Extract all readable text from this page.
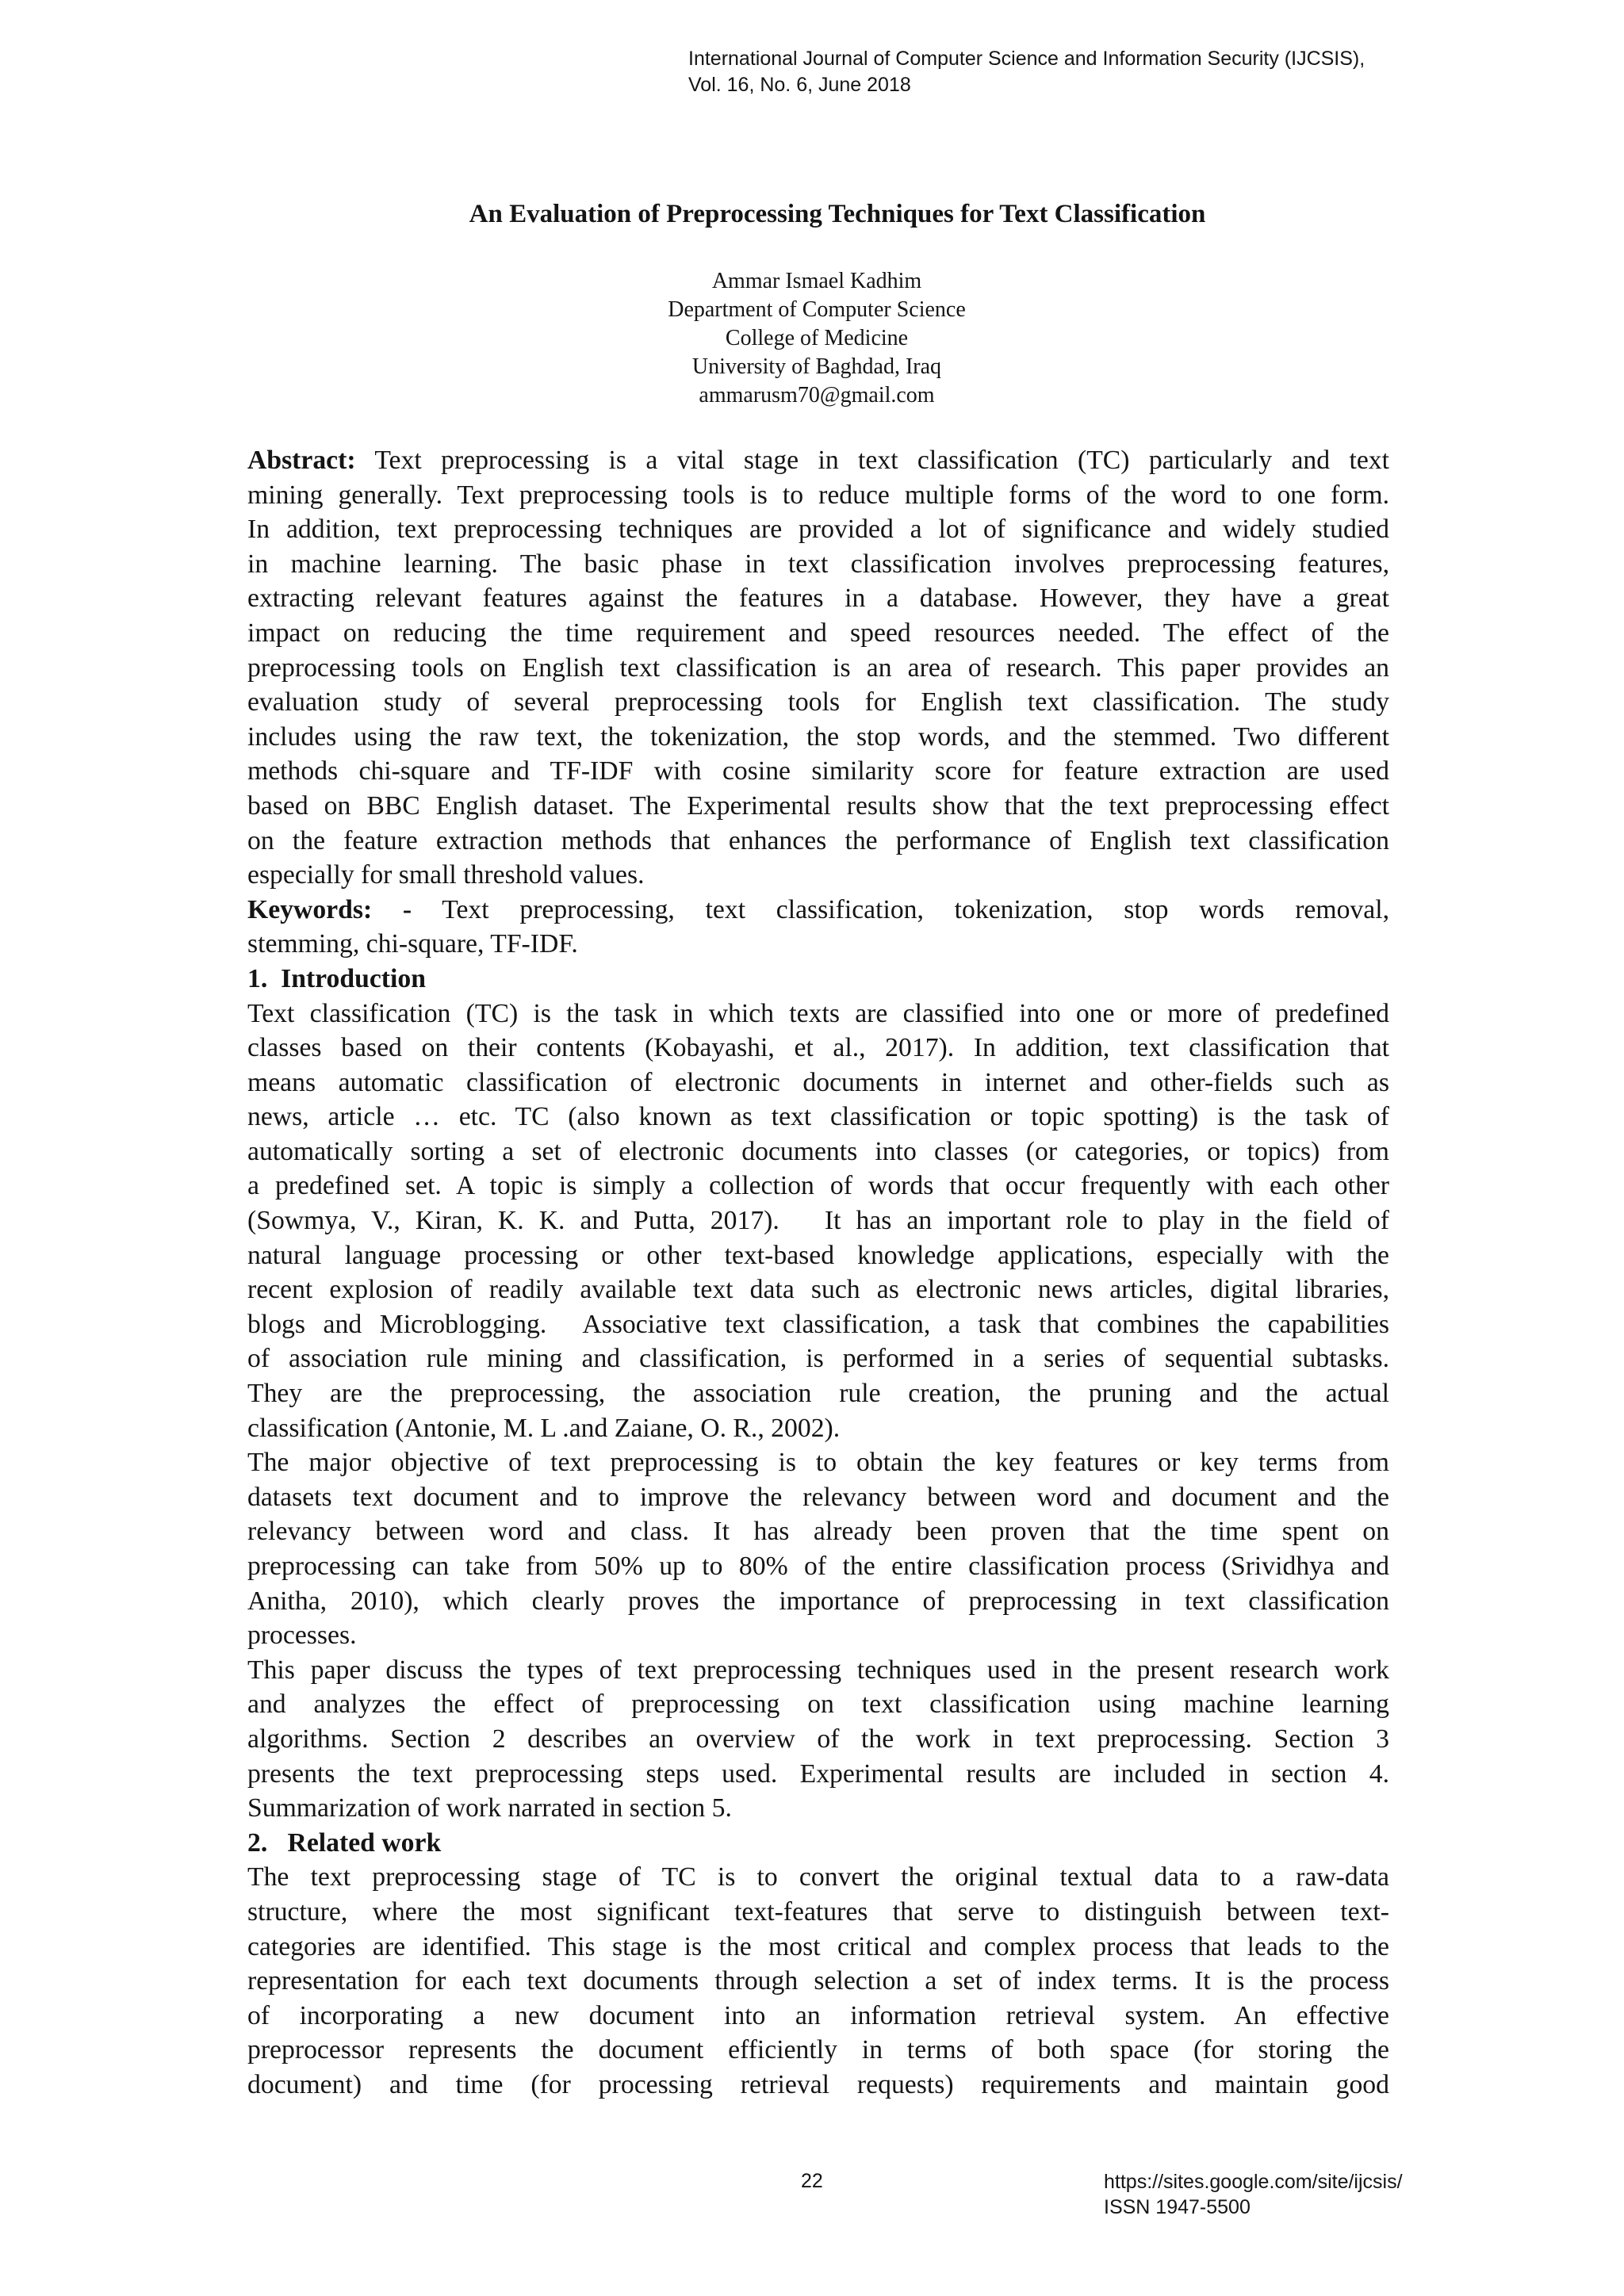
International Journal of Computer Science and Information Security (IJCSIS),
Vol. 16, No. 6, June 2018
An Evaluation of Preprocessing Techniques for Text Classification
Ammar Ismael Kadhim
Department of Computer Science
College of Medicine
University of Baghdad, Iraq
ammarusm70@gmail.com
Abstract: Text preprocessing is a vital stage in text classification (TC) particularly and text
mining generally. Text preprocessing tools is to reduce multiple forms of the word to one form.
In addition, text preprocessing techniques are provided a lot of significance and widely studied
in machine learning. The basic phase in text classification involves preprocessing features,
extracting relevant features against the features in a database. However, they have a great
impact on reducing the time requirement and speed resources needed. The effect of the
preprocessing tools on English text classification is an area of research. This paper provides an
evaluation study of several preprocessing tools for English text classification. The study
includes using the raw text, the tokenization, the stop words, and the stemmed. Two different
methods chi-square and TF-IDF with cosine similarity score for feature extraction are used
based on BBC English dataset. The Experimental results show that the text preprocessing effect
on the feature extraction methods that enhances the performance of English text classification
especially for small threshold values.
Keywords: - Text preprocessing, text classification, tokenization, stop words removal,
stemming, chi-square, TF-IDF.
1.  Introduction
Text classification (TC) is the task in which texts are classified into one or more of predefined
classes based on their contents (Kobayashi, et al., 2017). In addition, text classification that
means automatic classification of electronic documents in internet and other-fields such as
news, article … etc. TC (also known as text classification or topic spotting) is the task of
automatically sorting a set of electronic documents into classes (or categories, or topics) from
a predefined set. A topic is simply a collection of words that occur frequently with each other
(Sowmya, V., Kiran, K. K. and Putta, 2017).   It has an important role to play in the field of
natural language processing or other text-based knowledge applications, especially with the
recent explosion of readily available text data such as electronic news articles, digital libraries,
blogs and Microblogging.  Associative text classification, a task that combines the capabilities
of association rule mining and classification, is performed in a series of sequential subtasks.
They are the preprocessing, the association rule creation, the pruning and the actual
classification (Antonie, M. L .and Zaiane, O. R., 2002).
The major objective of text preprocessing is to obtain the key features or key terms from
datasets text document and to improve the relevancy between word and document and the
relevancy between word and class. It has already been proven that the time spent on
preprocessing can take from 50% up to 80% of the entire classification process (Srividhya and
Anitha, 2010), which clearly proves the importance of preprocessing in text classification
processes.
This paper discuss the types of text preprocessing techniques used in the present research work
and analyzes the effect of preprocessing on text classification using machine learning
algorithms. Section 2 describes an overview of the work in text preprocessing. Section 3
presents the text preprocessing steps used. Experimental results are included in section 4.
Summarization of work narrated in section 5.
2.   Related work
The text preprocessing stage of TC is to convert the original textual data to a raw-data
structure, where the most significant text-features that serve to distinguish between text-
categories are identified. This stage is the most critical and complex process that leads to the
representation for each text documents through selection a set of index terms. It is the process
of incorporating a new document into an information retrieval system. An effective
preprocessor represents the document efficiently in terms of both space (for storing the
document) and time (for processing retrieval requests) requirements and maintain good
22	https://sites.google.com/site/ijcsis/
ISSN 1947-5500
